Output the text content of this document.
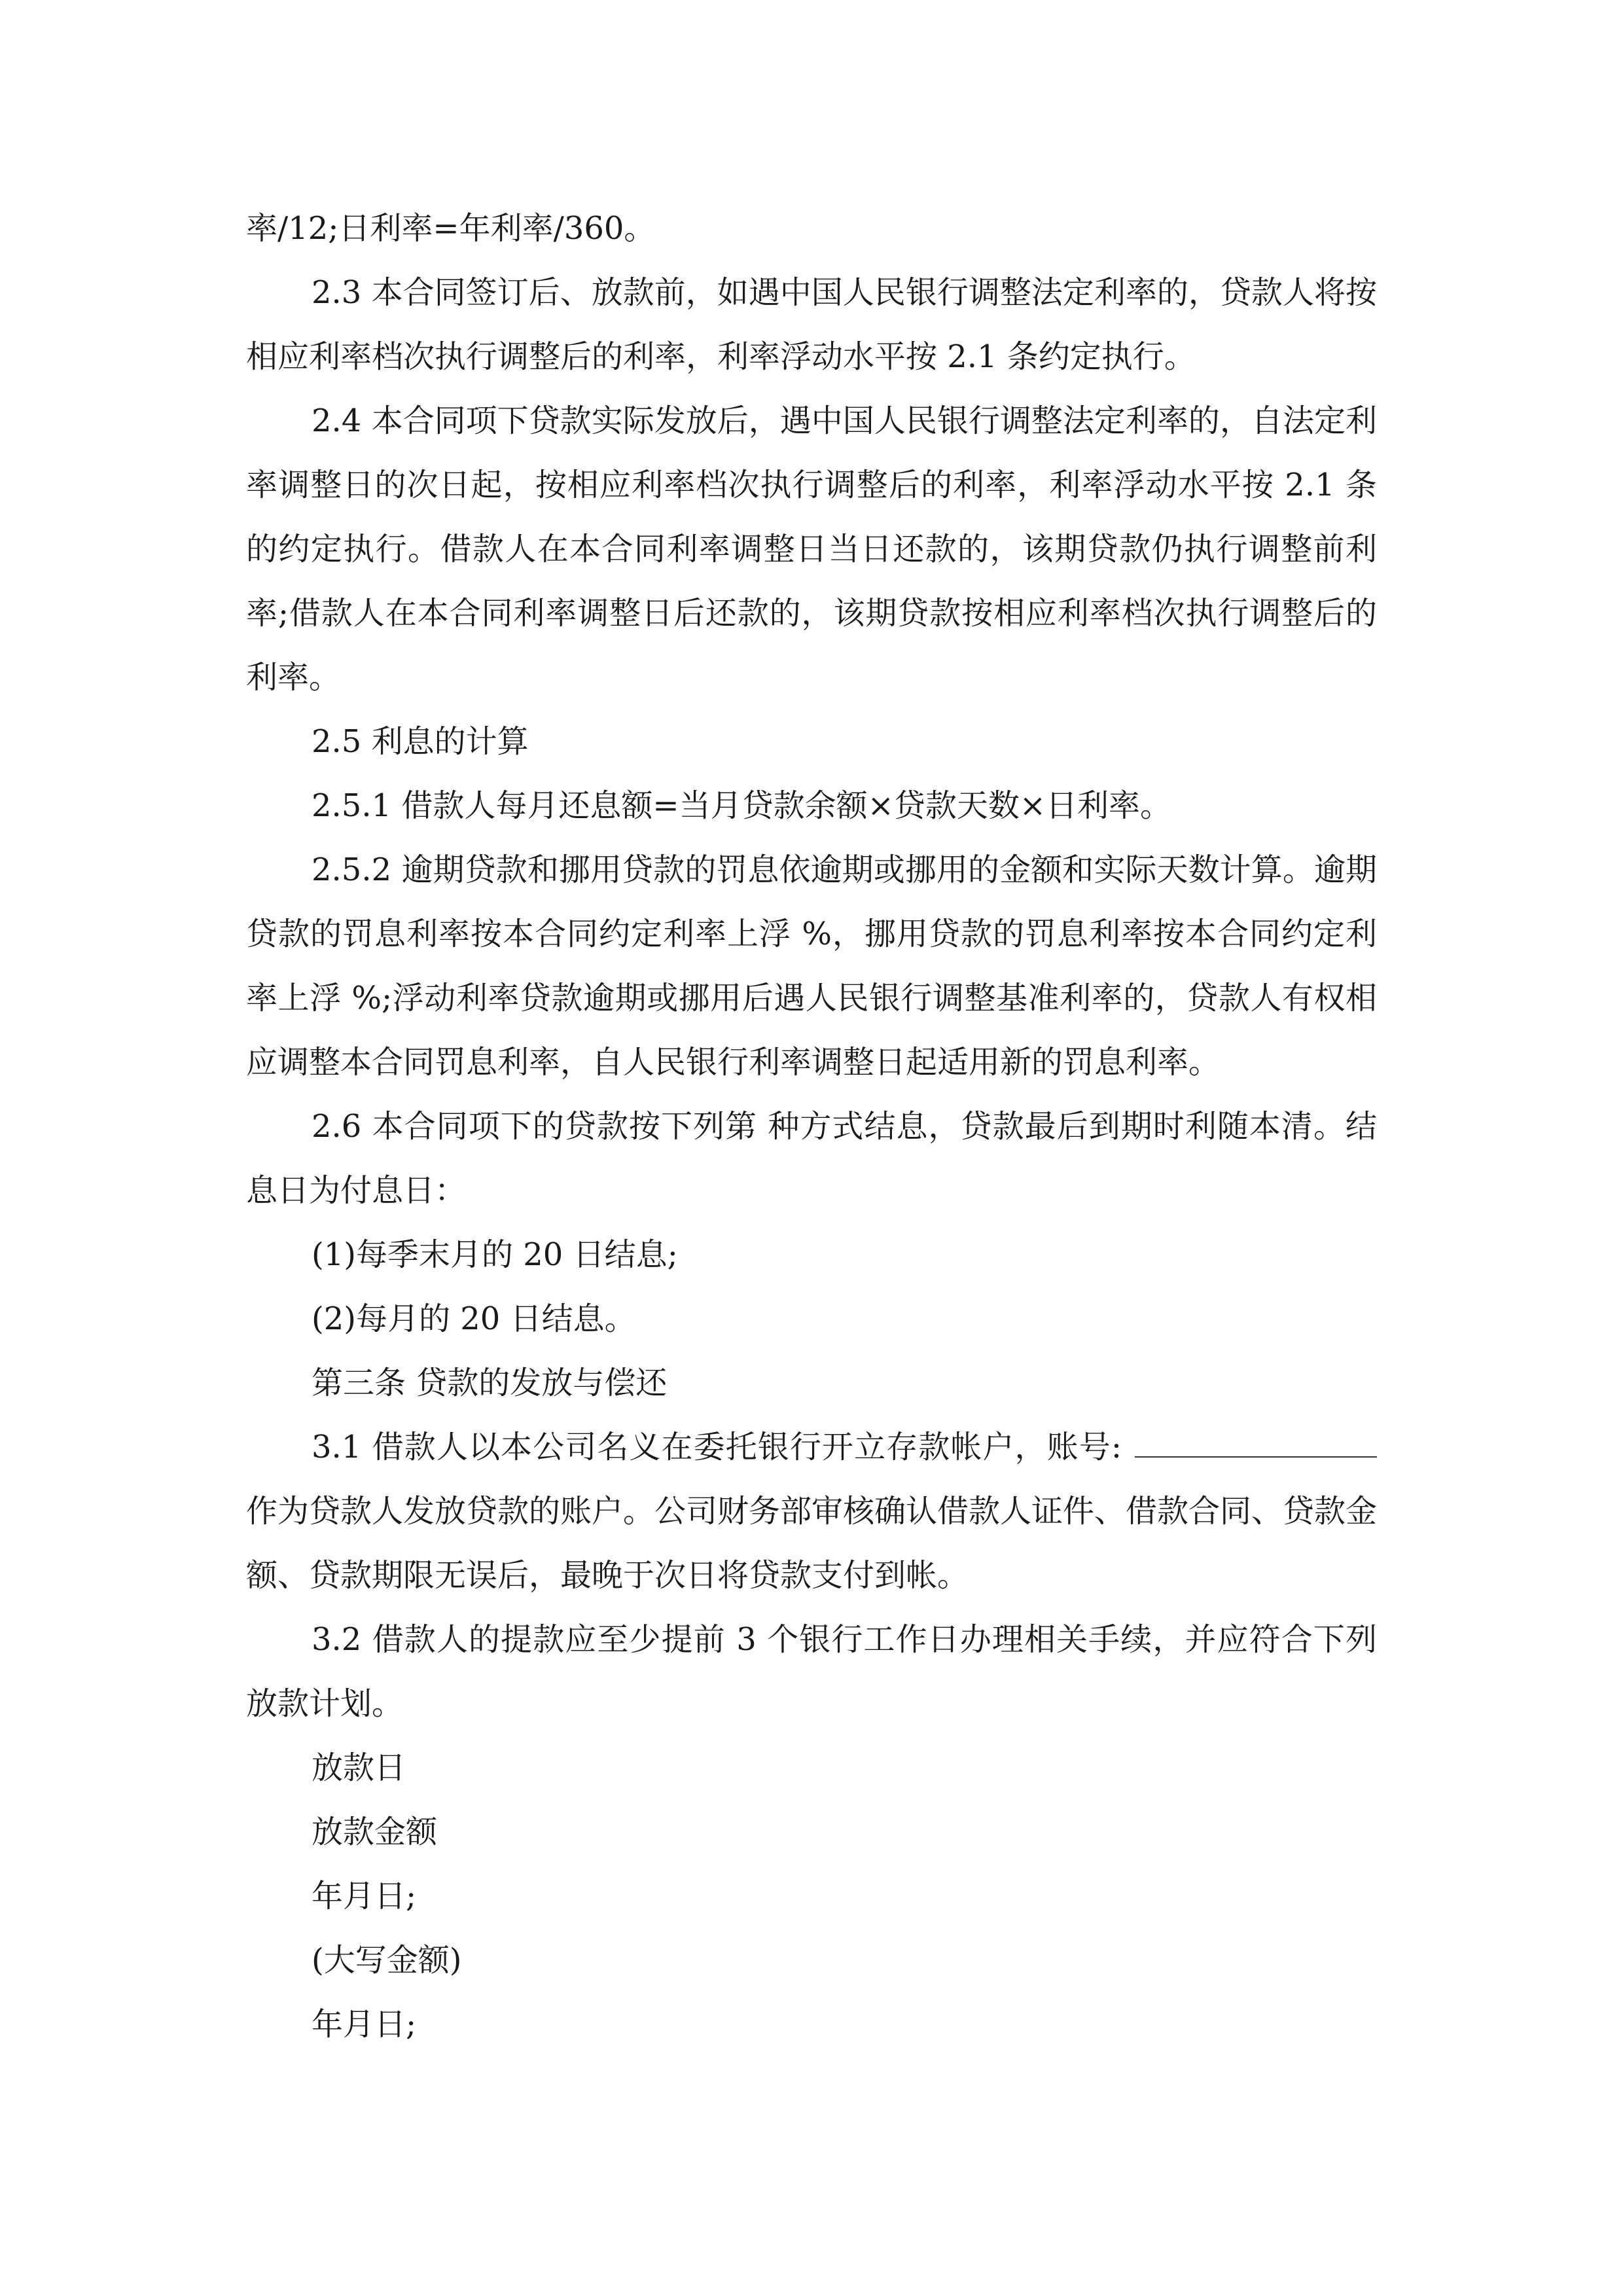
率/12;日利率=年利率/360。

2.3 本合同签订后、放款前，如遇中国人民银行调整法定利率的，贷款人将按相应利率档次执行调整后的利率，利率浮动水平按 2.1 条约定执行。

2.4 本合同项下贷款实际发放后，遇中国人民银行调整法定利率的，自法定利率调整日的次日起，按相应利率档次执行调整后的利率，利率浮动水平按 2.1 条的约定执行。借款人在本合同利率调整日当日还款的，该期贷款仍执行调整前利率;借款人在本合同利率调整日后还款的，该期贷款按相应利率档次执行调整后的利率。

2.5 利息的计算

2.5.1 借款人每月还息额=当月贷款余额×贷款天数×日利率。

2.5.2 逾期贷款和挪用贷款的罚息依逾期或挪用的金额和实际天数计算。逾期贷款的罚息利率按本合同约定利率上浮 %，挪用贷款的罚息利率按本合同约定利率上浮 %;浮动利率贷款逾期或挪用后遇人民银行调整基准利率的，贷款人有权相应调整本合同罚息利率，自人民银行利率调整日起适用新的罚息利率。

2.6 本合同项下的贷款按下列第 种方式结息，贷款最后到期时利随本清。结息日为付息日：

(1)每季末月的 20 日结息;

(2)每月的 20 日结息。

第三条 贷款的发放与偿还

3.1 借款人以本公司名义在委托银行开立存款帐户，账号:作为贷款人发放贷款的账户。公司财务部审核确认借款人证件、借款合同、贷款金额、贷款期限无误后，最晚于次日将贷款支付到帐。

3.2 借款人的提款应至少提前 3 个银行工作日办理相关手续，并应符合下列放款计划。

放款日

放款金额

年月日;

(大写金额)

年月日;
